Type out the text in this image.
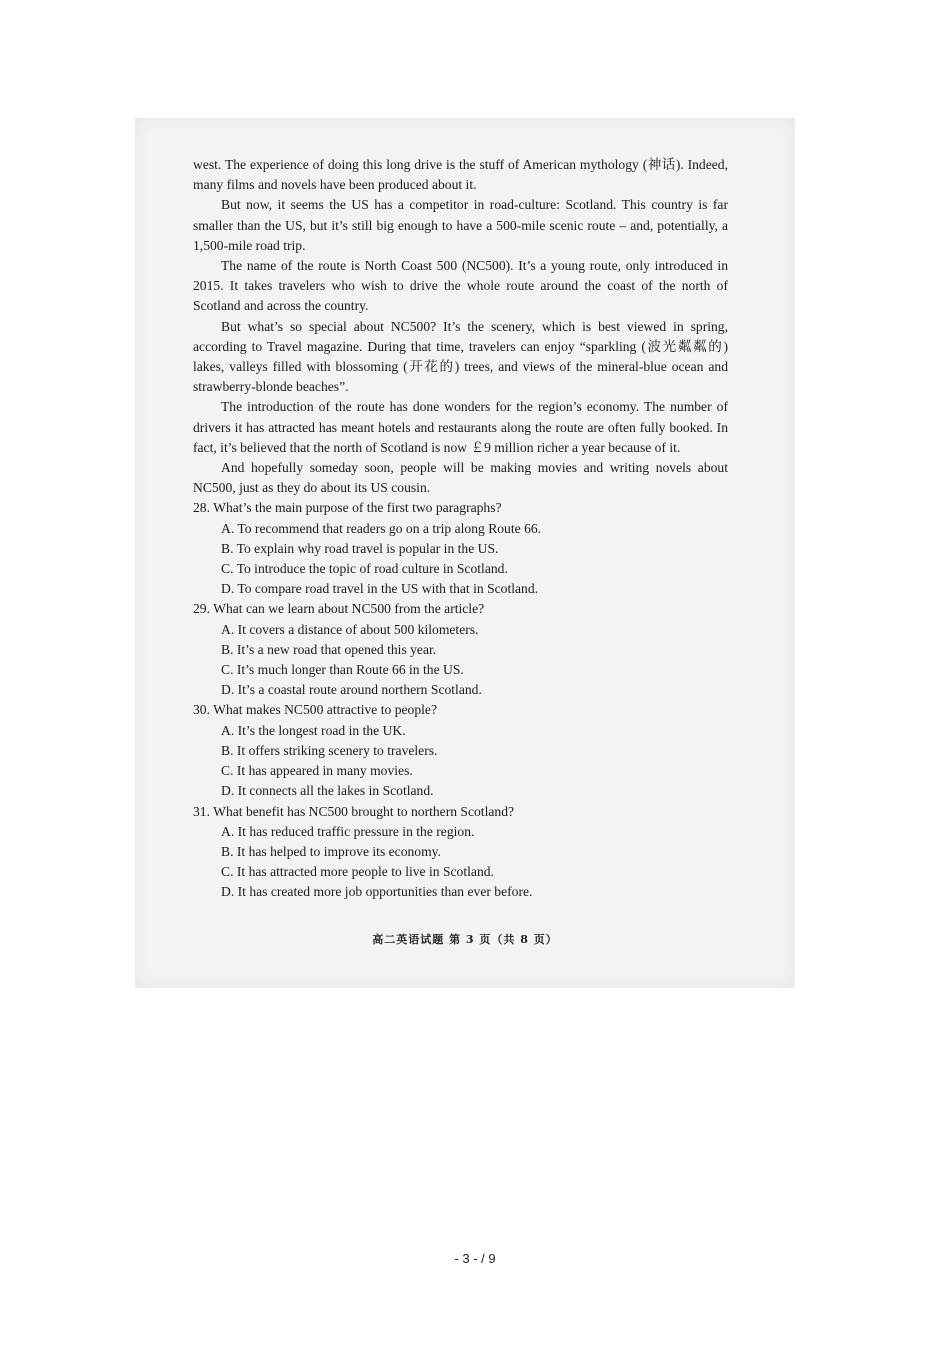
west. The experience of doing this long drive is the stuff of American mythology (神话). Indeed, many films and novels have been produced about it.

But now, it seems the US has a competitor in road-culture: Scotland. This country is far smaller than the US, but it’s still big enough to have a 500-mile scenic route – and, potentially, a 1,500-mile road trip.

The name of the route is North Coast 500 (NC500). It’s a young route, only introduced in 2015. It takes travelers who wish to drive the whole route around the coast of the north of Scotland and across the country.

But what’s so special about NC500? It’s the scenery, which is best viewed in spring, according to Travel magazine. During that time, travelers can enjoy “sparkling (波光粼粼的) lakes, valleys filled with blossoming (开花的) trees, and views of the mineral-blue ocean and strawberry-blonde beaches”.

The introduction of the route has done wonders for the region’s economy. The number of drivers it has attracted has meant hotels and restaurants along the route are often fully booked. In fact, it’s believed that the north of Scotland is now ￡9 million richer a year because of it.

And hopefully someday soon, people will be making movies and writing novels about NC500, just as they do about its US cousin.

28. What’s the main purpose of the first two paragraphs?

A. To recommend that readers go on a trip along Route 66.
B. To explain why road travel is popular in the US.
C. To introduce the topic of road culture in Scotland.
D. To compare road travel in the US with that in Scotland.

29. What can we learn about NC500 from the article?

A. It covers a distance of about 500 kilometers.
B. It’s a new road that opened this year.
C. It’s much longer than Route 66 in the US.
D. It’s a coastal route around northern Scotland.

30. What makes NC500 attractive to people?

A. It’s the longest road in the UK.
B. It offers striking scenery to travelers.
C. It has appeared in many movies.
D. It connects all the lakes in Scotland.

31. What benefit has NC500 brought to northern Scotland?

A. It has reduced traffic pressure in the region.
B. It has helped to improve its economy.
C. It has attracted more people to live in Scotland.
D. It has created more job opportunities than ever before.
高二英语试题 第 3 页（共 8 页）
- 3 - / 9
